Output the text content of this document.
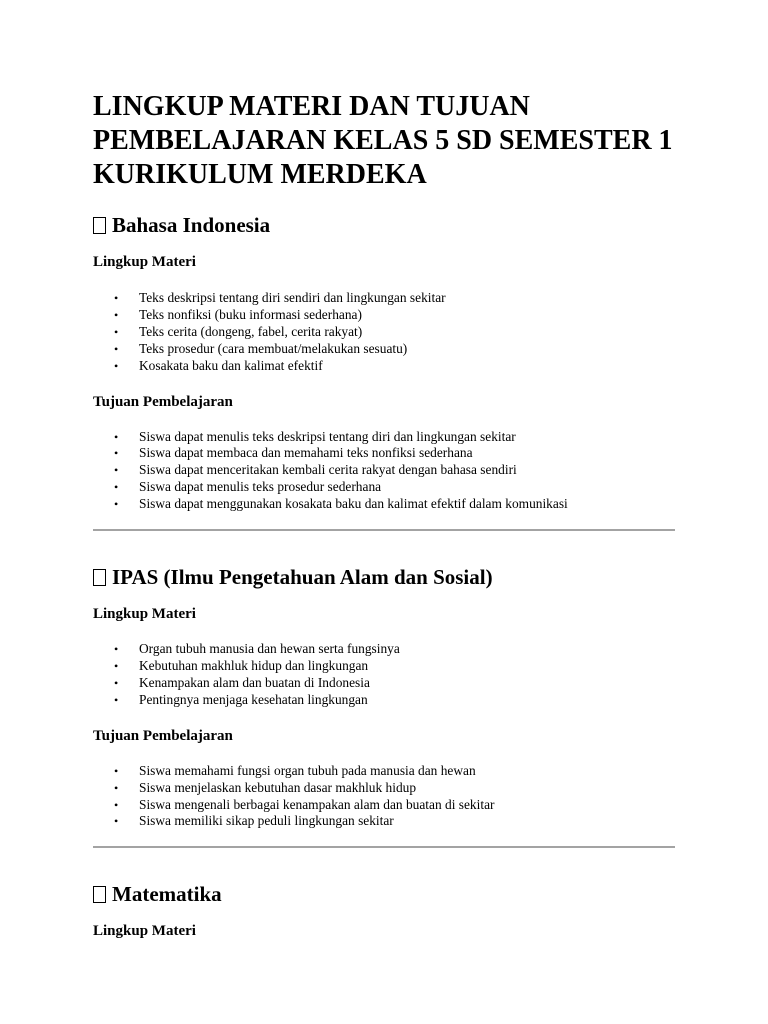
LINGKUP MATERI DAN TUJUAN PEMBELAJARAN KELAS 5 SD SEMESTER 1 KURIKULUM MERDEKA
Bahasa Indonesia
Lingkup Materi
• Teks deskripsi tentang diri sendiri dan lingkungan sekitar
• Teks nonfiksi (buku informasi sederhana)
• Teks cerita (dongeng, fabel, cerita rakyat)
• Teks prosedur (cara membuat/melakukan sesuatu)
• Kosakata baku dan kalimat efektif
Tujuan Pembelajaran
• Siswa dapat menulis teks deskripsi tentang diri dan lingkungan sekitar
• Siswa dapat membaca dan memahami teks nonfiksi sederhana
• Siswa dapat menceritakan kembali cerita rakyat dengan bahasa sendiri
• Siswa dapat menulis teks prosedur sederhana
• Siswa dapat menggunakan kosakata baku dan kalimat efektif dalam komunikasi
IPAS (Ilmu Pengetahuan Alam dan Sosial)
Lingkup Materi
• Organ tubuh manusia dan hewan serta fungsinya
• Kebutuhan makhluk hidup dan lingkungan
• Kenampakan alam dan buatan di Indonesia
• Pentingnya menjaga kesehatan lingkungan
Tujuan Pembelajaran
• Siswa memahami fungsi organ tubuh pada manusia dan hewan
• Siswa menjelaskan kebutuhan dasar makhluk hidup
• Siswa mengenali berbagai kenampakan alam dan buatan di sekitar
• Siswa memiliki sikap peduli lingkungan sekitar
Matematika
Lingkup Materi
